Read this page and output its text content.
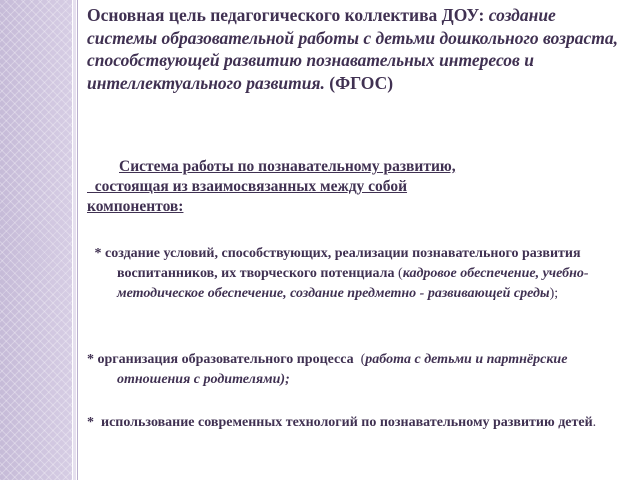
Основная цель педагогического коллектива ДОУ: создание системы образовательной работы с детьми дошкольного возраста, способствующей развитию познавательных интересов и интеллектуального развития. (ФГОС)
Система работы по познавательному развитию,
состоящая из взаимосвязанных между собой
компонентов:
* создание условий, способствующих, реализации познавательного развития воспитанников, их творческого потенциала (кадровое обеспечение, учебно-методическое обеспечение, создание предметно - развивающей среды);
* организация образовательного процесса  (работа с детьми и партнёрские отношения с родителями);
*  использование современных технологий по познавательному развитию детей.
